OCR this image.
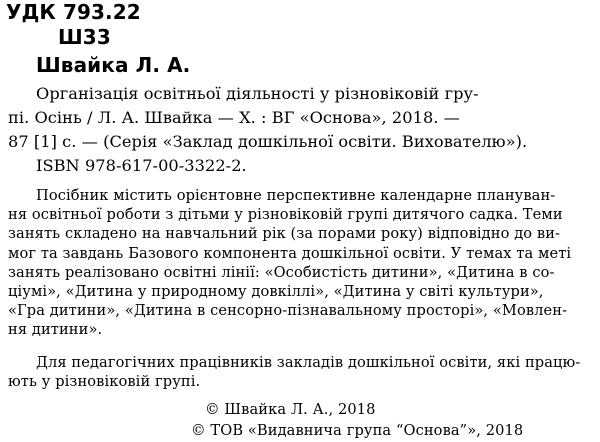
УДК 793.22
Ш33
Швайка Л. А.
Організація освітньої діяльності у різновіковій гру-
пі. Осінь / Л. А. Швайка — Х. : ВГ «Основа», 2018. —
87 [1] с. — (Серія «Заклад дошкільної освіти. Вихователю»).
ISBN 978-617-00-3322-2.
Посібник містить орієнтовне перспективне календарне плануван-
ня освітньої роботи з дітьми у різновіковій групі дитячого садка. Теми
занять складено на навчальний рік (за порами року) відповідно до ви-
мог та завдань Базового компонента дошкільної освіти. У темах та меті
занять реалізовано освітні лінії: «Особистість дитини», «Дитина в со-
ціумі», «Дитина у природному довкіллі», «Дитина у світі культури»,
«Гра дитини», «Дитина в сенсорно-пізнавальному просторі», «Мовлен-
ня дитини».
Для педагогічних працівників закладів дошкільної освіти, які працю-
ють у різновіковій групі.
© Швайка Л. А., 2018
© ТОВ «Видавнича група “Основа”», 2018
